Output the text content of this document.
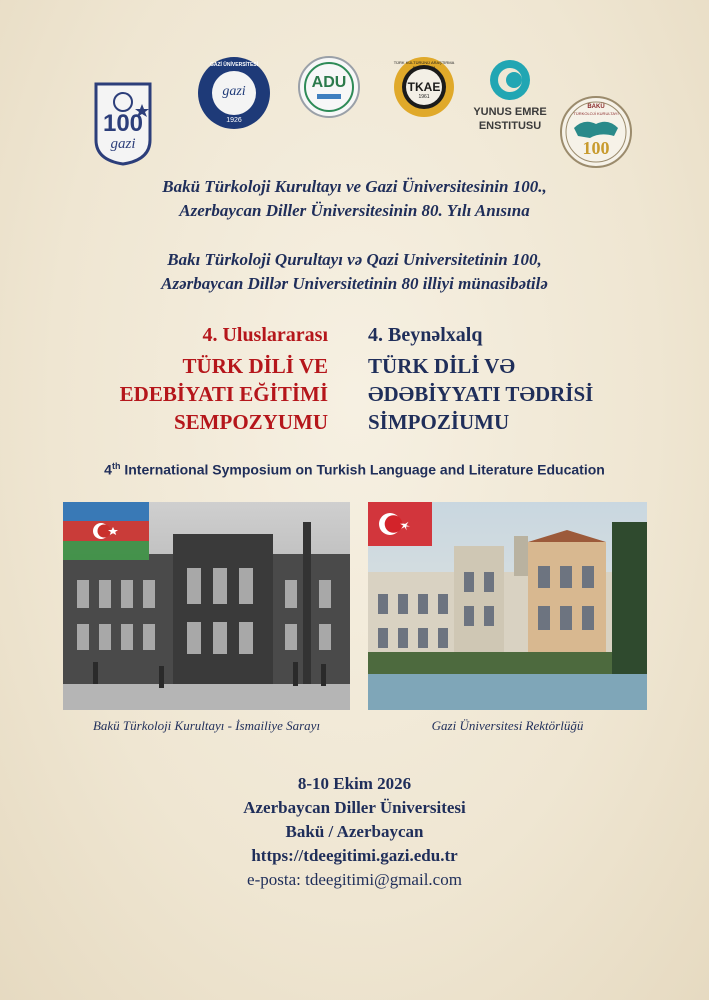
100
gazi
GAZİ ÜNİVERSİTESİ
gazi
1926
ADU
TÜRK KÜLTÜRÜNÜ ARAŞTIRMA ENSTİTÜSÜ
TKAE
1961
YUNUS EMRE
ENSTITUSU
BAKÜ
TÜRKOLOJİ KURULTAYI
100
Bakü Türkoloji Kurultayı ve Gazi Üniversitesinin 100.,
Azerbaycan Diller Üniversitesinin 80. Yılı Anısına
Bakı Türkoloji Qurultayı və Qazi Universitetinin 100,
Azərbaycan Dillər Universitetinin 80 illiyi münasibətilə
4. Uluslararası
TÜRK DİLİ VE
EDEBİYATI EĞİTİMİ
SEMPOZYUMU
4. Beynəlxalq
TÜRK DİLİ VƏ
ƏDƏBİYYATI TƏDRİSİ
SİMPOZİUMU
4th International Symposium on Turkish Language and Literature Education
Bakü Türkoloji Kurultayı - İsmailiye Sarayı	Gazi Üniversitesi Rektörlüğü
8-10 Ekim 2026
Azerbaycan Diller Üniversitesi
Bakü / Azerbaycan
https://tdeegitimi.gazi.edu.tr
e-posta: tdeegitimi@gmail.com
